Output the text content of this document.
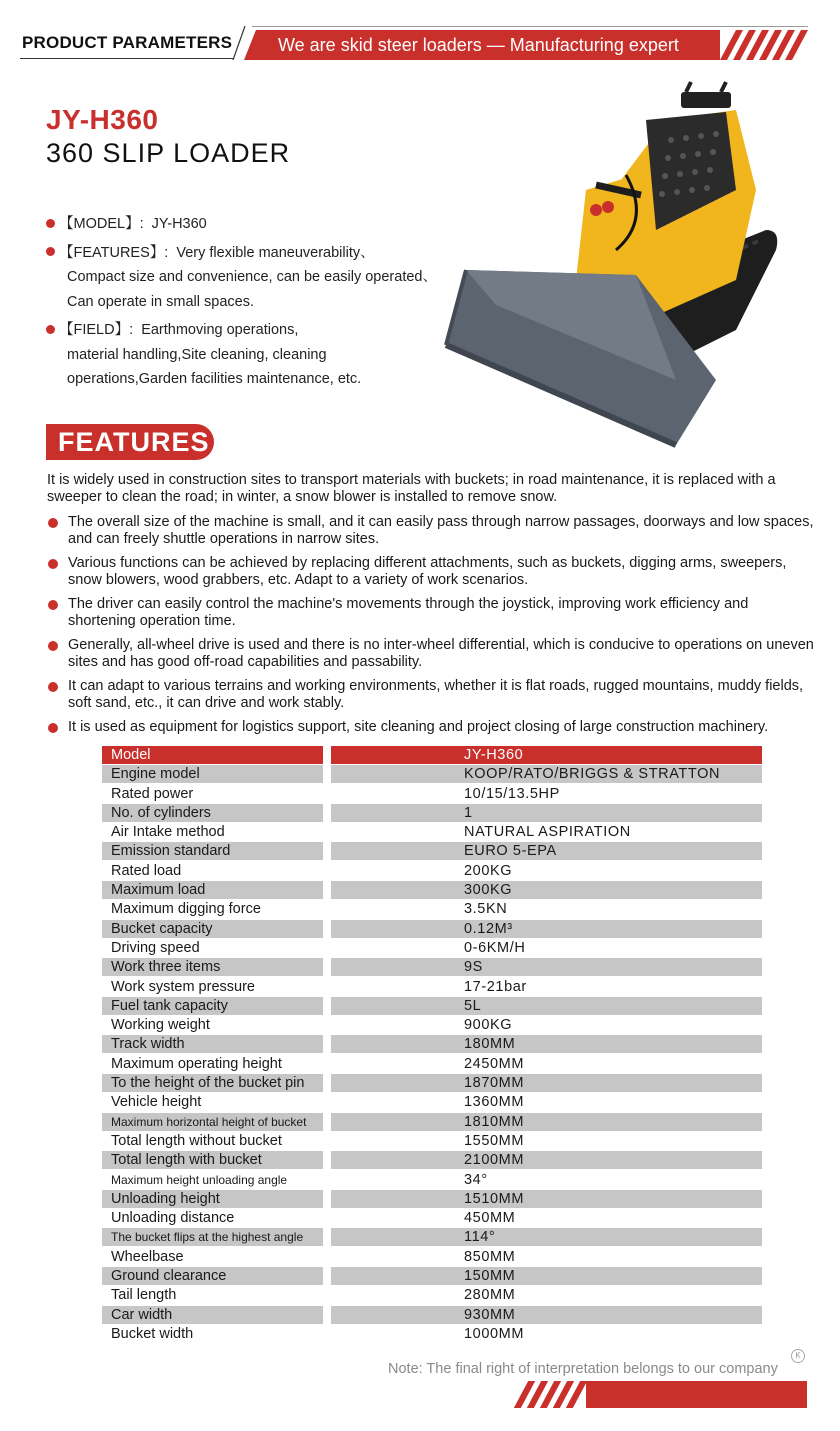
PRODUCT PARAMETERS	We are skid steer loaders — Manufacturing expert
JY-H360
360 SLIP LOADER
【MODEL】: JY-H360
【FEATURES】: Very flexible maneuverability、
Compact size and convenience, can be easily operated、
Can operate in small spaces.
【FIELD】: Earthmoving operations,
material handling,Site cleaning, cleaning
operations,Garden facilities maintenance, etc.
FEATURES
It is widely used in construction sites to transport materials with buckets; in road maintenance, it is replaced with a sweeper to clean the road; in winter, a snow blower is installed to remove snow.
The overall size of the machine is small, and it can easily pass through narrow passages, doorways and low spaces, and can freely shuttle operations in narrow sites.
Various functions can be achieved by replacing different attachments, such as buckets, digging arms, sweepers, snow blowers, wood grabbers, etc. Adapt to a variety of work scenarios.
The driver can easily control the machine's movements through the joystick, improving work efficiency and shortening operation time.
Generally, all-wheel drive is used and there is no inter-wheel differential, which is conducive to operations on uneven sites and has good off-road capabilities and passability.
It can adapt to various terrains and working environments, whether it is flat roads, rugged mountains, muddy fields, soft sand, etc., it can drive and work stably.
It is used as equipment for logistics support, site cleaning and project closing of large construction machinery.
Model	JY-H360
Engine model	KOOP/RATO/BRIGGS & STRATTON
Rated power	10/15/13.5HP
No. of cylinders	1
Air Intake method	NATURAL ASPIRATION
Emission standard	EURO 5-EPA
Rated load	200KG
Maximum load	300KG
Maximum digging force	3.5KN
Bucket capacity	0.12M³
Driving speed	0-6KM/H
Work three items	9S
Work system pressure	17-21bar
Fuel tank capacity	5L
Working weight	900KG
Track width	180MM
Maximum operating height	2450MM
To the height of the bucket pin	1870MM
Vehicle height	1360MM
Maximum horizontal height of bucket	1810MM
Total length without bucket	1550MM
Total length with bucket	2100MM
Maximum height unloading angle	34°
Unloading height	1510MM
Unloading distance	450MM
The bucket flips at the highest angle	114°
Wheelbase	850MM
Ground clearance	150MM
Tail length	280MM
Car width	930MM
Bucket width	1000MM
K
Note: The final right of interpretation belongs to our company
